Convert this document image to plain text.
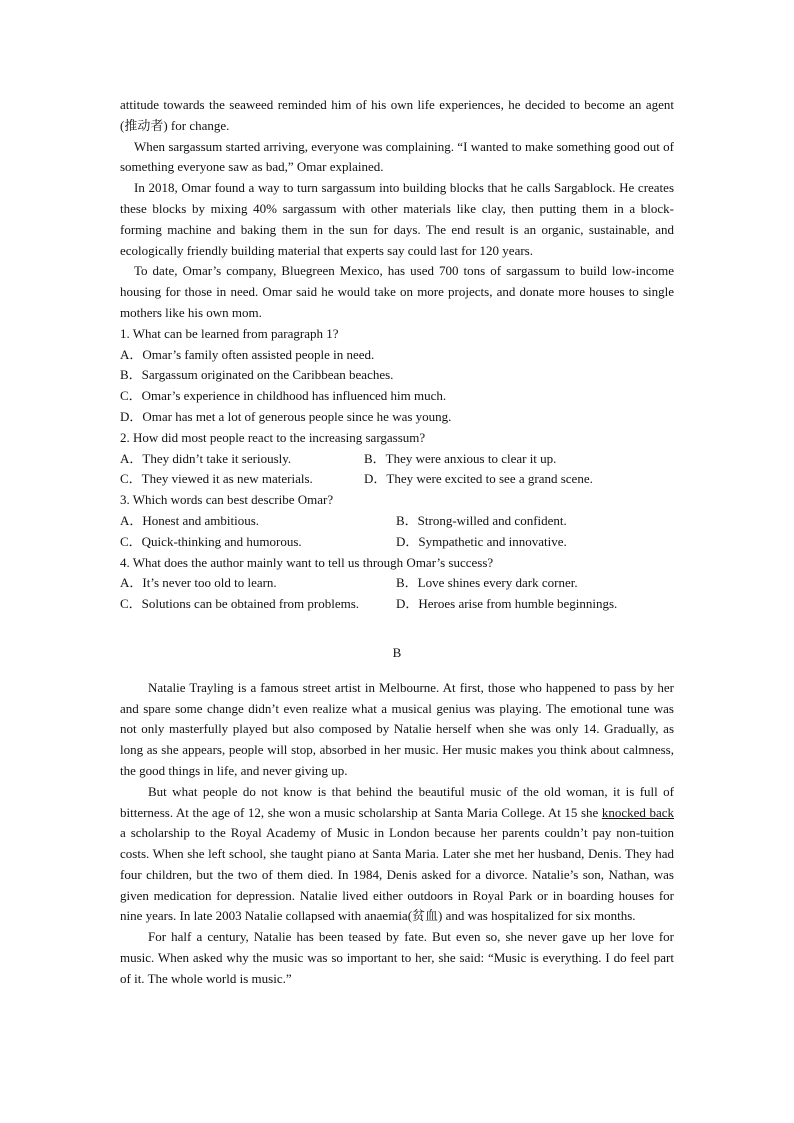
attitude towards the seaweed reminded him of his own life experiences, he decided to become an agent (推动者) for change.

When sargassum started arriving, everyone was complaining. “I wanted to make something good out of something everyone saw as bad,” Omar explained.

In 2018, Omar found a way to turn sargassum into building blocks that he calls Sargablock. He creates these blocks by mixing 40% sargassum with other materials like clay, then putting them in a block-forming machine and baking them in the sun for days. The end result is an organic, sustainable, and ecologically friendly building material that experts say could last for 120 years.

To date, Omar’s company, Bluegreen Mexico, has used 700 tons of sargassum to build low-income housing for those in need. Omar said he would take on more projects, and donate more houses to single mothers like his own mom.

1. What can be learned from paragraph 1?
A．Omar’s family often assisted people in need.
B．Sargassum originated on the Caribbean beaches.
C．Omar’s experience in childhood has influenced him much.
D．Omar has met a lot of generous people since he was young.
2. How did most people react to the increasing sargassum?
A．They didn’t take it seriously.	B．They were anxious to clear it up.
C．They viewed it as new materials.	D．They were excited to see a grand scene.
3. Which words can best describe Omar?
A．Honest and ambitious.	B．Strong-willed and confident.
C．Quick-thinking and humorous.	D．Sympathetic and innovative.
4. What does the author mainly want to tell us through Omar’s success?
A．It’s never too old to learn.	B．Love shines every dark corner.
C．Solutions can be obtained from problems.	D．Heroes arise from humble beginnings.
B

Natalie Trayling is a famous street artist in Melbourne. At first, those who happened to pass by her and spare some change didn’t even realize what a musical genius was playing. The emotional tune was not only masterfully played but also composed by Natalie herself when she was only 14. Gradually, as long as she appears, people will stop, absorbed in her music. Her music makes you think about calmness, the good things in life, and never giving up.

But what people do not know is that behind the beautiful music of the old woman, it is full of bitterness. At the age of 12, she won a music scholarship at Santa Maria College. At 15 she knocked back a scholarship to the Royal Academy of Music in London because her parents couldn’t pay non-tuition costs. When she left school, she taught piano at Santa Maria. Later she met her husband, Denis. They had four children, but the two of them died. In 1984, Denis asked for a divorce. Natalie’s son, Nathan, was given medication for depression. Natalie lived either outdoors in Royal Park or in boarding houses for nine years. In late 2003 Natalie collapsed with anaemia(贫血) and was hospitalized for six months.

For half a century, Natalie has been teased by fate. But even so, she never gave up her love for music. When asked why the music was so important to her, she said: “Music is everything. I do feel part of it. The whole world is music.”
